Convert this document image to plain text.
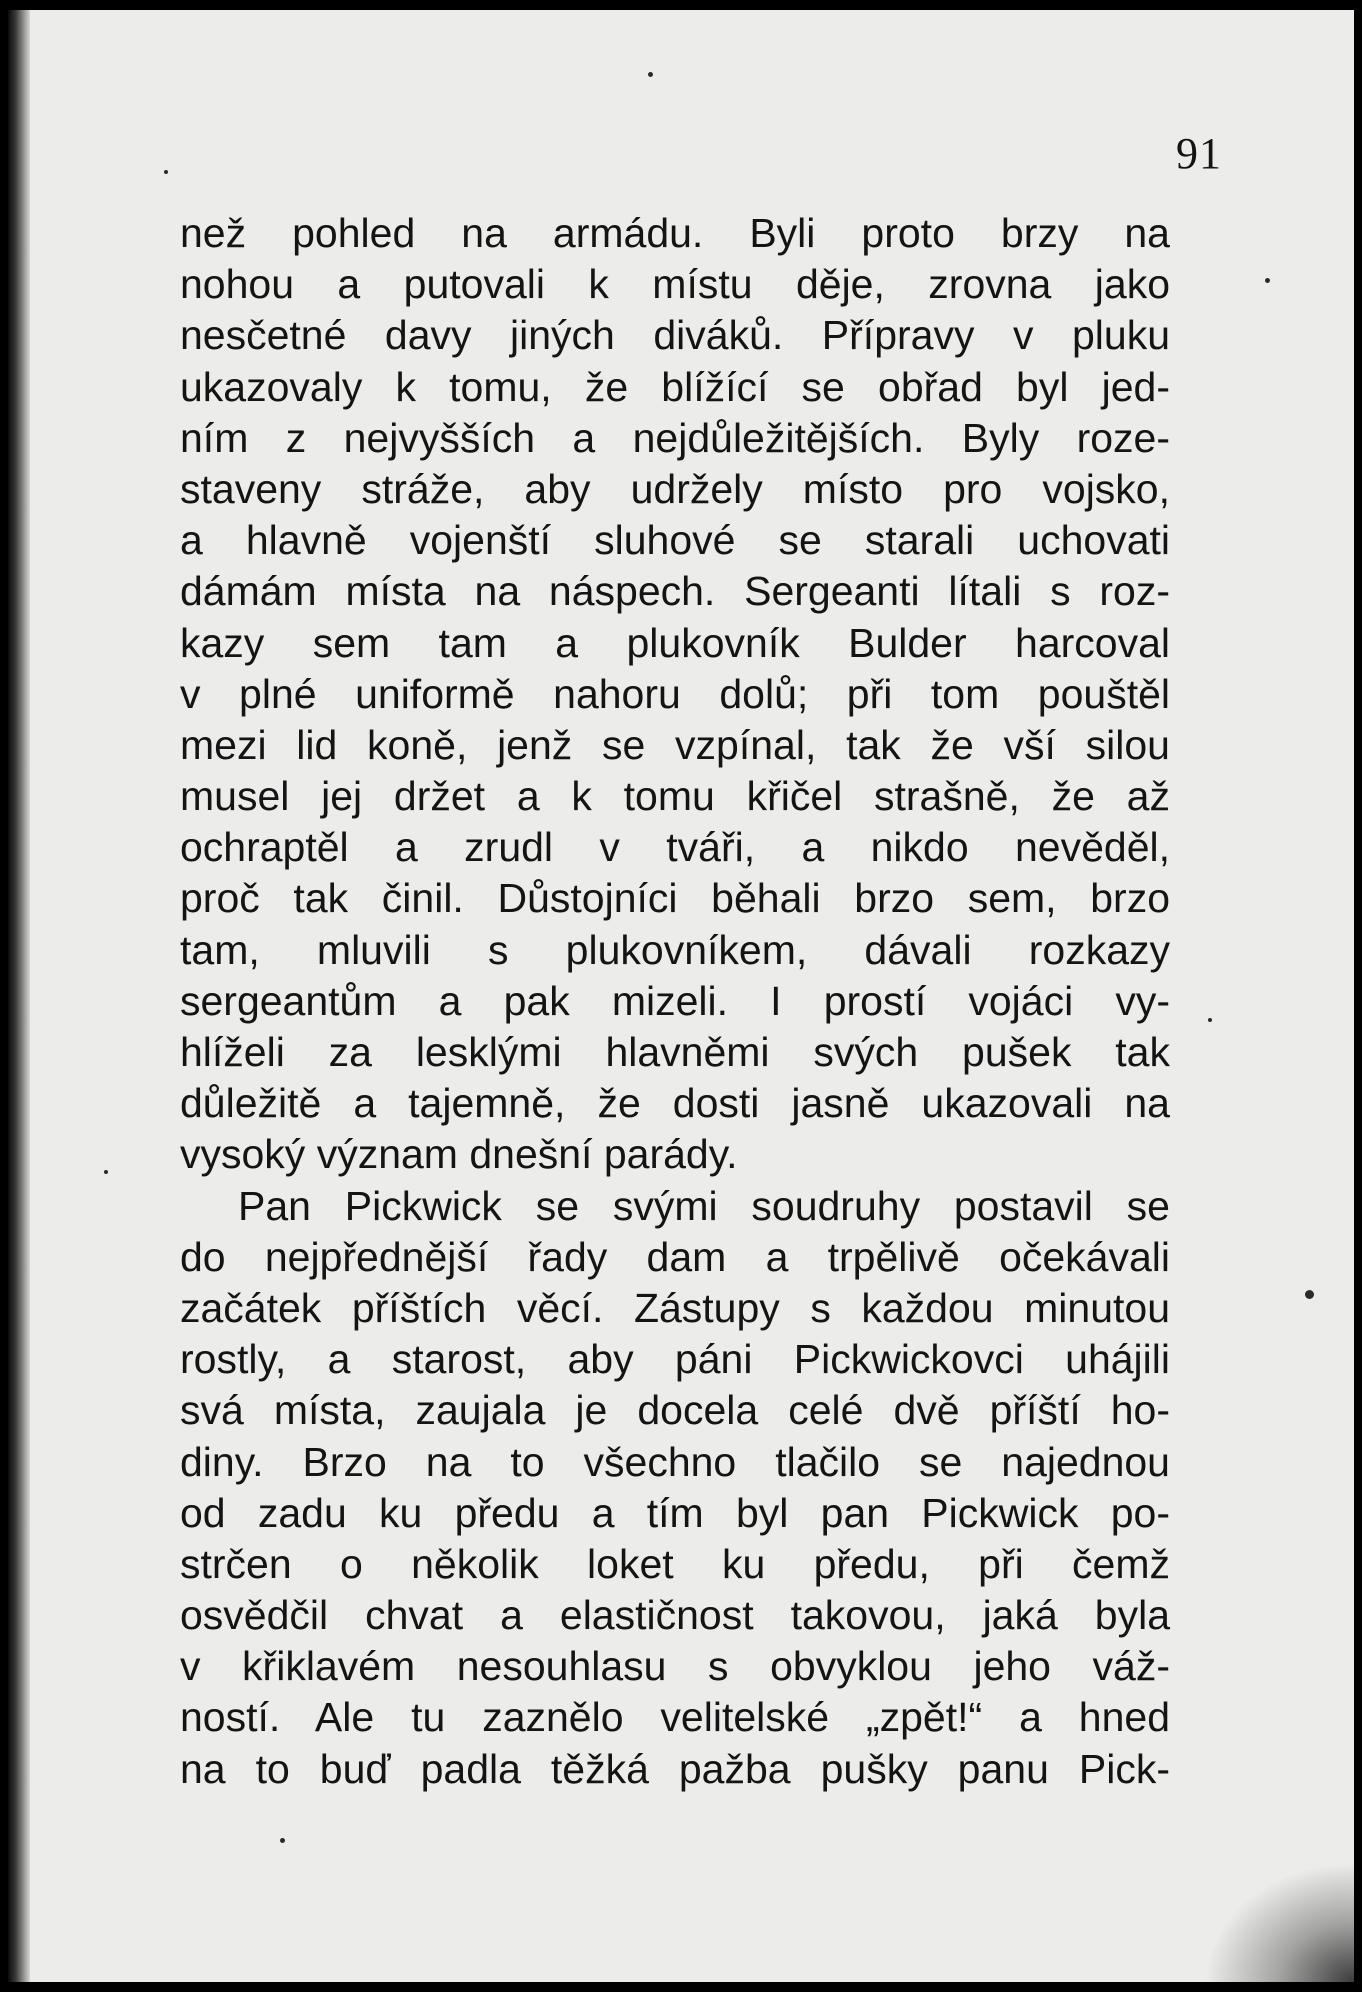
91
než pohled na armádu. Byli proto brzy na
nohou a putovali k místu děje, zrovna jako
nesčetné davy jiných diváků. Přípravy v pluku
ukazovaly k tomu, že blížící se obřad byl jed-
ním z nejvyšších a nejdůležitějších. Byly roze-
staveny stráže, aby udržely místo pro vojsko,
a hlavně vojenští sluhové se starali uchovati
dámám místa na náspech. Sergeanti lítali s roz-
kazy sem tam a plukovník Bulder harcoval
v plné uniformě nahoru dolů; při tom pouštěl
mezi lid koně, jenž se vzpínal, tak že vší silou
musel jej držet a k tomu křičel strašně, že až
ochraptěl a zrudl v tváři, a nikdo nevěděl,
proč tak činil. Důstojníci běhali brzo sem, brzo
tam, mluvili s plukovníkem, dávali rozkazy
sergeantům a pak mizeli. I prostí vojáci vy-
hlíželi za lesklými hlavněmi svých pušek tak
důležitě a tajemně, že dosti jasně ukazovali na
vysoký význam dnešní parády.
Pan Pickwick se svými soudruhy postavil se
do nejpřednější řady dam a trpělivě očekávali
začátek příštích věcí. Zástupy s každou minutou
rostly, a starost, aby páni Pickwickovci uhájili
svá místa, zaujala je docela celé dvě příští ho-
diny. Brzo na to všechno tlačilo se najednou
od zadu ku předu a tím byl pan Pickwick po-
strčen o několik loket ku předu, při čemž
osvědčil chvat a elastičnost takovou, jaká byla
v křiklavém nesouhlasu s obvyklou jeho váž-
ností. Ale tu zaznělo velitelské „zpět!“ a hned
na to buď padla těžká pažba pušky panu Pick-
